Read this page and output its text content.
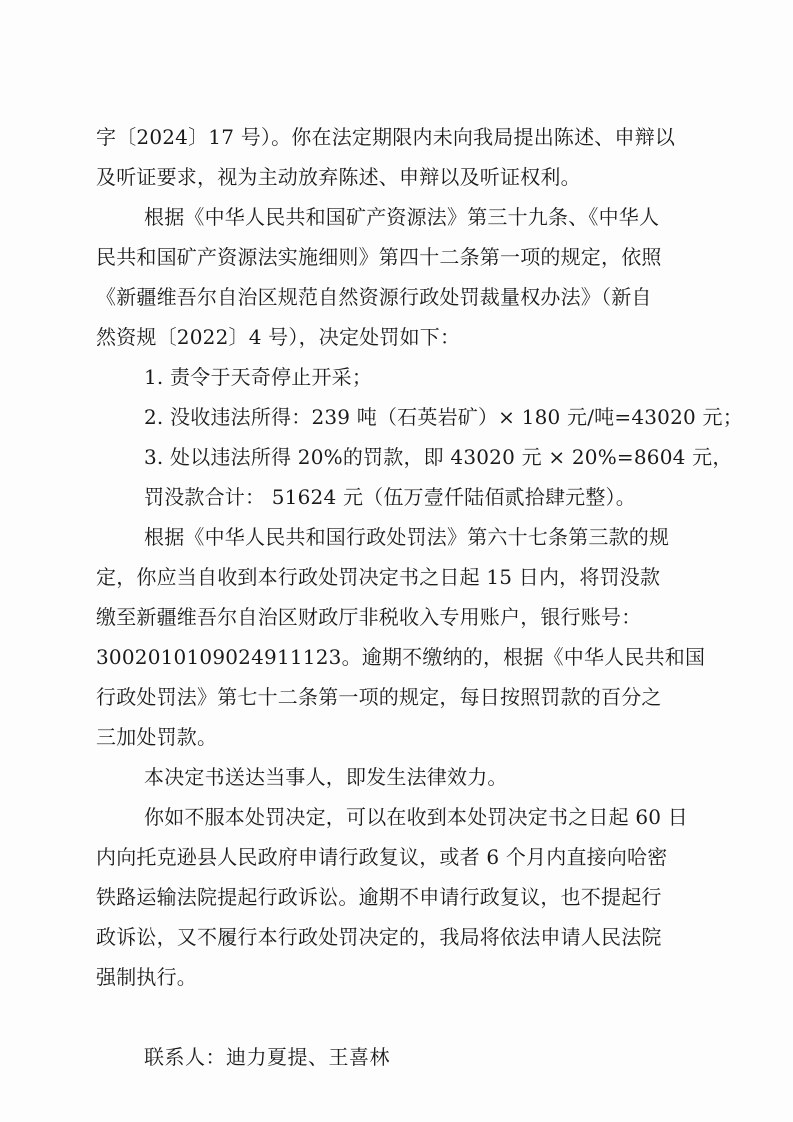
字〔2024〕17 号）。你在法定期限内未向我局提出陈述、申辩以

及听证要求，视为主动放弃陈述、申辩以及听证权利。

根据《中华人民共和国矿产资源法》第三十九条、《中华人

民共和国矿产资源法实施细则》第四十二条第一项的规定，依照

《新疆维吾尔自治区规范自然资源行政处罚裁量权办法》（新自

然资规〔2022〕4 号），决定处罚如下：

1. 责令于天奇停止开采；

2. 没收违法所得：239 吨（石英岩矿）× 180 元/吨=43020 元；

3. 处以违法所得 20%的罚款，即 43020 元 × 20%=8604 元，

罚没款合计： 51624 元（伍万壹仟陆佰贰拾肆元整）。

根据《中华人民共和国行政处罚法》第六十七条第三款的规

定，你应当自收到本行政处罚决定书之日起 15 日内，将罚没款

缴至新疆维吾尔自治区财政厅非税收入专用账户，银行账号：

3002010109024911123。逾期不缴纳的，根据《中华人民共和国

行政处罚法》第七十二条第一项的规定，每日按照罚款的百分之

三加处罚款。

本决定书送达当事人，即发生法律效力。

你如不服本处罚决定，可以在收到本处罚决定书之日起 60 日

内向托克逊县人民政府申请行政复议，或者 6 个月内直接向哈密

铁路运输法院提起行政诉讼。逾期不申请行政复议，也不提起行

政诉讼，又不履行本行政处罚决定的，我局将依法申请人民法院

强制执行。

联系人：迪力夏提、王喜林
